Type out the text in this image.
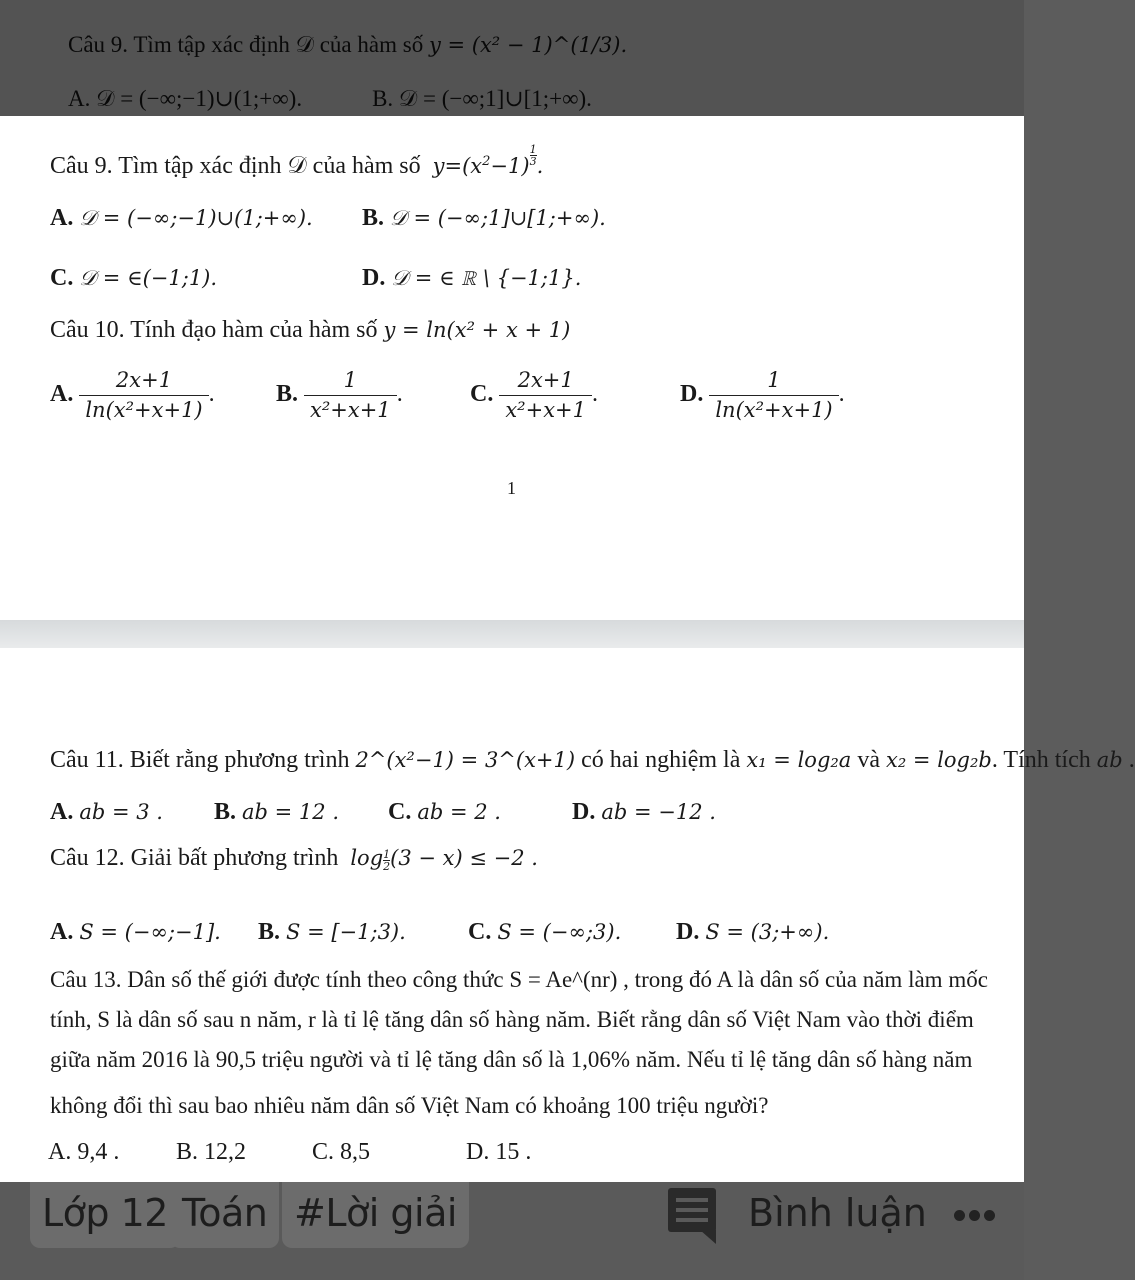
Câu 9. Tìm tập xác định 𝒟 của hàm số $y=(x^2-1) \frac{1}{3}$ .
A. 𝒟 = (−∞;−1)∪(1;+∞). B. 𝒟 = (−∞;1]∪[1;+∞).
C. 𝒟 = ∈(−1;1).	D. 𝒟 = ∈ ℝ \ {−1;1}.
Câu 10. Tính đạo hàm của hàm số y = ln(x² + x + 1)
A. $\frac{2x+1}{\text{ln(x²+x+1)}}$ .	B. $\frac{1}{\text{x²+x+1}}$ .	C. $\frac{2x+1}{\text{x²+x+1}}$ .	D. $\frac{1}{\text{ln(x²+x+1)}}$ .
1
Câu 11. Biết rằng phương trình 2^(x²−1) = 3^(x+1) có hai nghiệm là x₁ = log₂a và x₂ = log₂b. Tính tích ab .
A. ab = 3 . B. ab = 12 . C. ab = 2 .	D. ab = −12 .
Câu 12. Giải bất phương trình $\log \frac{1}{2} (3 - x) \le -2$ .
A. S = (−∞;−1]. B. S = [−1;3).	C. S = (−∞;3). D. S = (3;+∞).
Câu 13. Dân số thế giới được tính theo công thức S = Ae^(nr) , trong đó A là dân số của năm làm mốc
tính, S là dân số sau n năm, r là tỉ lệ tăng dân số hàng năm. Biết rằng dân số Việt Nam vào thời điểm
giữa năm 2016 là 90,5 triệu người và tỉ lệ tăng dân số là 1,06% năm. Nếu tỉ lệ tăng dân số hàng năm
không đổi thì sau bao nhiêu năm dân số Việt Nam có khoảng 100 triệu người?
A. 9,4 . B. 12,2	C. 8,5	D. 15 .
Lớp 12 Toán #Lời giải	Bình luận
